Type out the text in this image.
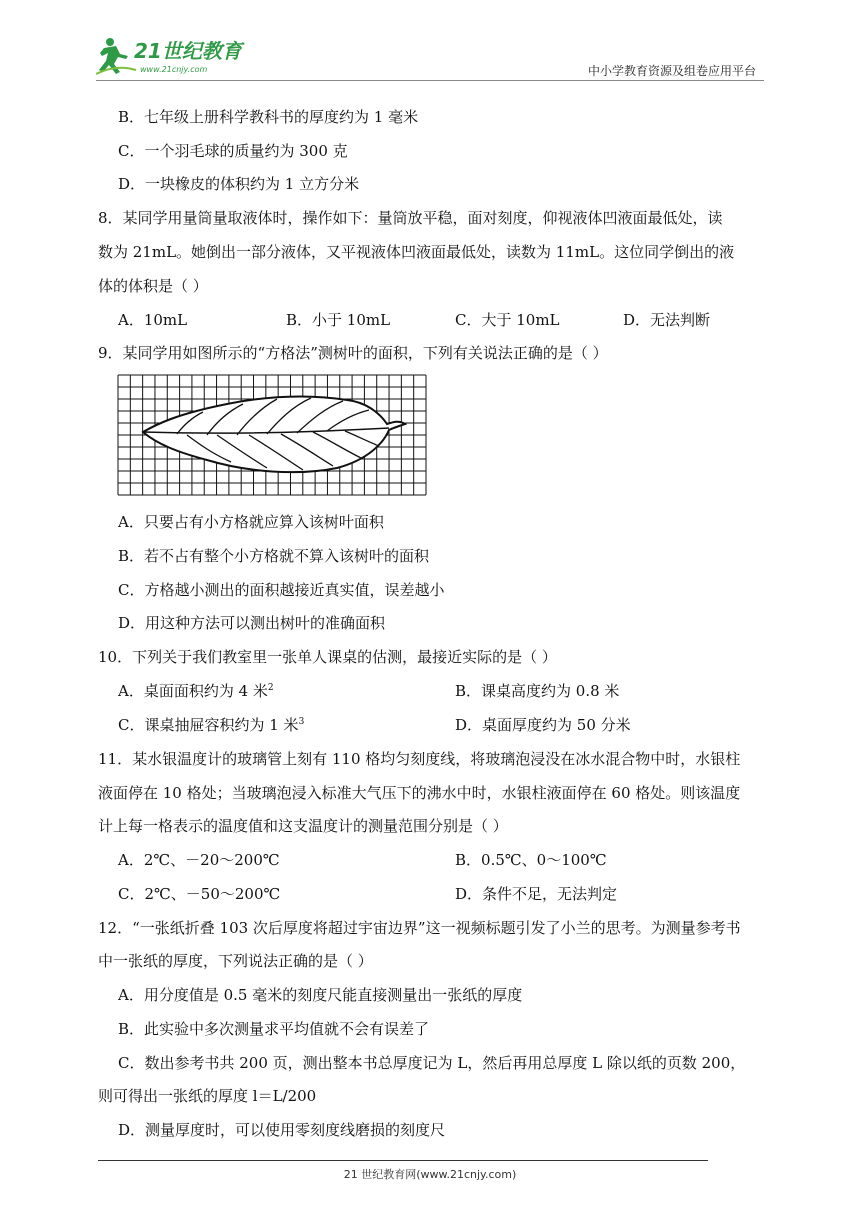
21世纪教育
www.21cnjy.com	中小学教育资源及组卷应用平台
B．七年级上册科学教科书的厚度约为 1 毫米
C．一个羽毛球的质量约为 300 克
D．一块橡皮的体积约为 1 立方分米
8．某同学用量筒量取液体时，操作如下：量筒放平稳，面对刻度，仰视液体凹液面最低处，读
数为 21mL。她倒出一部分液体，又平视液体凹液面最低处，读数为 11mL。这位同学倒出的液
体的体积是（ ）
A．10mL	B．小于 10mL	C．大于 10mL	D．无法判断
9．某同学用如图所示的“方格法”测树叶的面积，下列有关说法正确的是（ ）
A．只要占有小方格就应算入该树叶面积
B．若不占有整个小方格就不算入该树叶的面积
C．方格越小测出的面积越接近真实值，误差越小
D．用这种方法可以测出树叶的准确面积
10．下列关于我们教室里一张单人课桌的估测，最接近实际的是（ ）
A．桌面面积约为 4 米$^2$	B．课桌高度约为 0.8 米
C．课桌抽屉容积约为 1 米$^3$	D．桌面厚度约为 50 分米
11．某水银温度计的玻璃管上刻有 110 格均匀刻度线，将玻璃泡浸没在冰水混合物中时，水银柱
液面停在 10 格处；当玻璃泡浸入标准大气压下的沸水中时，水银柱液面停在 60 格处。则该温度
计上每一格表示的温度值和这支温度计的测量范围分别是（ ）
A．2℃、－20～200℃	B．0.5℃、0～100℃
C．2℃、－50～200℃	D．条件不足，无法判定
12．“一张纸折叠 103 次后厚度将超过宇宙边界”这一视频标题引发了小兰的思考。为测量参考书
中一张纸的厚度，下列说法正确的是（ ）
A．用分度值是 0.5 毫米的刻度尺能直接测量出一张纸的厚度
B．此实验中多次测量求平均值就不会有误差了
C．数出参考书共 200 页，测出整本书总厚度记为 L，然后再用总厚度 L 除以纸的页数 200，
则可得出一张纸的厚度 l＝L/200
D．测量厚度时，可以使用零刻度线磨损的刻度尺
21 世纪教育网(www.21cnjy.com)
